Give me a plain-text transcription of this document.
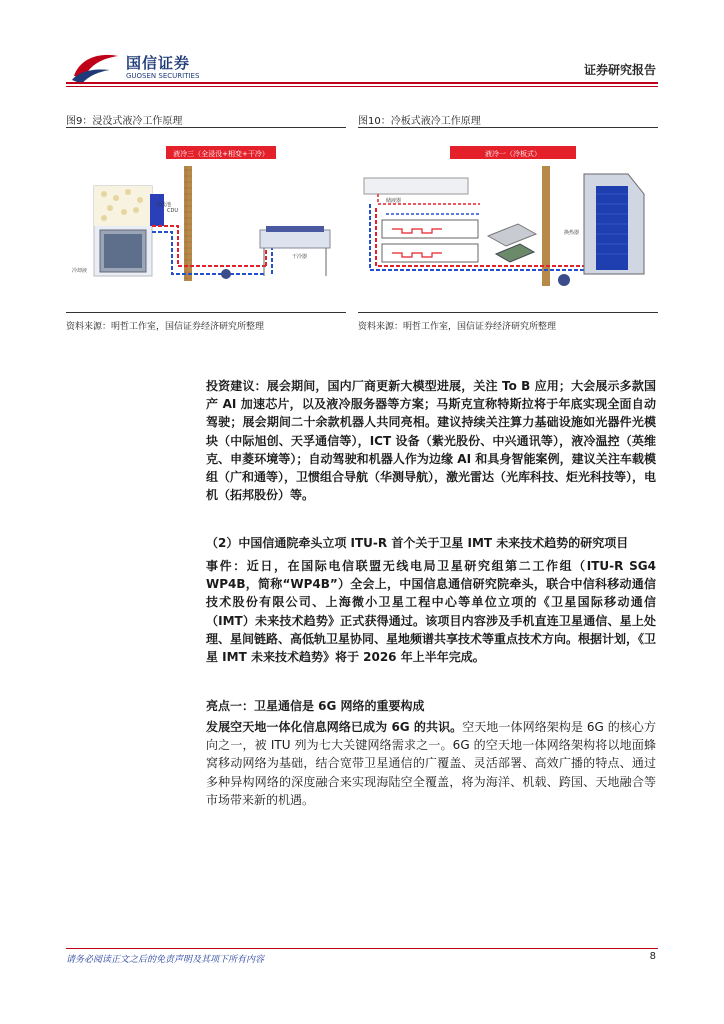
国信证券
GUOSEN SECURITIES	证券研究报告
图9：浸没式液冷工作原理
液冷三（全浸没+相变+干冷）
CDU
干冷器
冷却液
浸没池
资料来源：明哲工作室，国信证券经济研究所整理
图10：冷板式液冷工作原理
液冷一（冷板式）
换热器
储液器
资料来源：明哲工作室，国信证券经济研究所整理
投资建议：展会期间，国内厂商更新大模型进展，关注 To B 应用；大会展示多款国产 AI 加速芯片，以及液冷服务器等方案；马斯克宣称特斯拉将于年底实现全面自动驾驶；展会期间二十余款机器人共同亮相。建议持续关注算力基础设施如光器件光模块（中际旭创、天孚通信等），ICT 设备（紫光股份、中兴通讯等），液冷温控（英维克、申菱环境等）；自动驾驶和机器人作为边缘 AI 和具身智能案例，建议关注车载模组（广和通等），卫惯组合导航（华测导航），激光雷达（光库科技、炬光科技等），电机（拓邦股份）等。
（2）中国信通院牵头立项 ITU-R 首个关于卫星 IMT 未来技术趋势的研究项目
事件：近日，在国际电信联盟无线电局卫星研究组第二工作组（ITU-R SG4 WP4B，简称“WP4B”）全会上，中国信息通信研究院牵头，联合中信科移动通信技术股份有限公司、上海微小卫星工程中心等单位立项的《卫星国际移动通信（IMT）未来技术趋势》正式获得通过。该项目内容涉及手机直连卫星通信、星上处理、星间链路、高低轨卫星协同、星地频谱共享技术等重点技术方向。根据计划，《卫星 IMT 未来技术趋势》将于 2026 年上半年完成。
亮点一：卫星通信是 6G 网络的重要构成
发展空天地一体化信息网络已成为 6G 的共识。空天地一体网络架构是 6G 的核心方向之一，被 ITU 列为七大关键网络需求之一。6G 的空天地一体网络架构将以地面蜂窝移动网络为基础，结合宽带卫星通信的广覆盖、灵活部署、高效广播的特点、通过多种异构网络的深度融合来实现海陆空全覆盖，将为海洋、机载、跨国、天地融合等市场带来新的机遇。
请务必阅读正文之后的免责声明及其项下所有内容	8
